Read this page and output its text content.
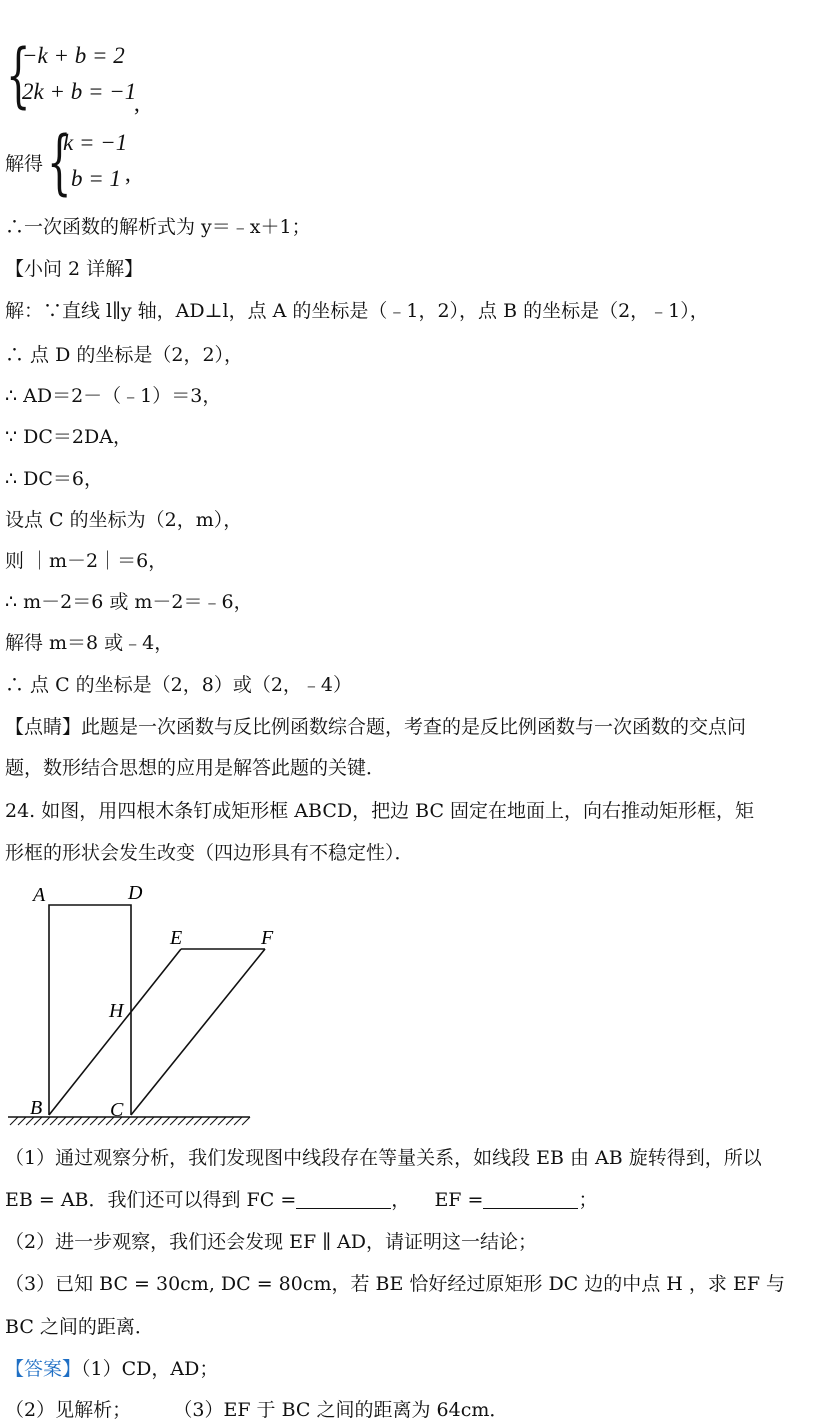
{
−k + b = 2
2k + b = −1
,
解得 {
k = −1
b = 1 ,
∴一次函数的解析式为 y＝﹣x＋1；
【小问 2 详解】
解：∵直线 l∥y 轴，AD⊥l，点 A 的坐标是（﹣1，2），点 B 的坐标是（2，﹣1），
∴ 点 D 的坐标是（2，2），
∴ AD＝2－（﹣1）＝3，
∵ DC＝2DA，
∴ DC＝6，
设点 C 的坐标为（2，m），
则 ｜m－2｜＝6，
∴ m－2＝6 或 m－2＝﹣6，
解得 m＝8 或﹣4，
∴ 点 C 的坐标是（2，8）或（2，﹣4）
【点睛】此题是一次函数与反比例函数综合题，考查的是反比例函数与一次函数的交点问
题，数形结合思想的应用是解答此题的关键．
24. 如图，用四根木条钉成矩形框 ABCD，把边 BC 固定在地面上，向右推动矩形框，矩
形框的形状会发生改变（四边形具有不稳定性）．
A	D
E	F
H
B	C
（1）通过观察分析，我们发现图中线段存在等量关系，如线段 EB 由 AB 旋转得到，所以
EB = AB．我们还可以得到 FC =	， EF =	；
（2）进一步观察，我们还会发现 EF ∥ AD，请证明这一结论；
（3）已知 BC = 30cm, DC = 80cm，若 BE 恰好经过原矩形 DC 边的中点 H ，求 EF 与
BC 之间的距离．
【答案】（1）CD，AD；
（2）见解析； （3）EF 于 BC 之间的距离为 64cm．
